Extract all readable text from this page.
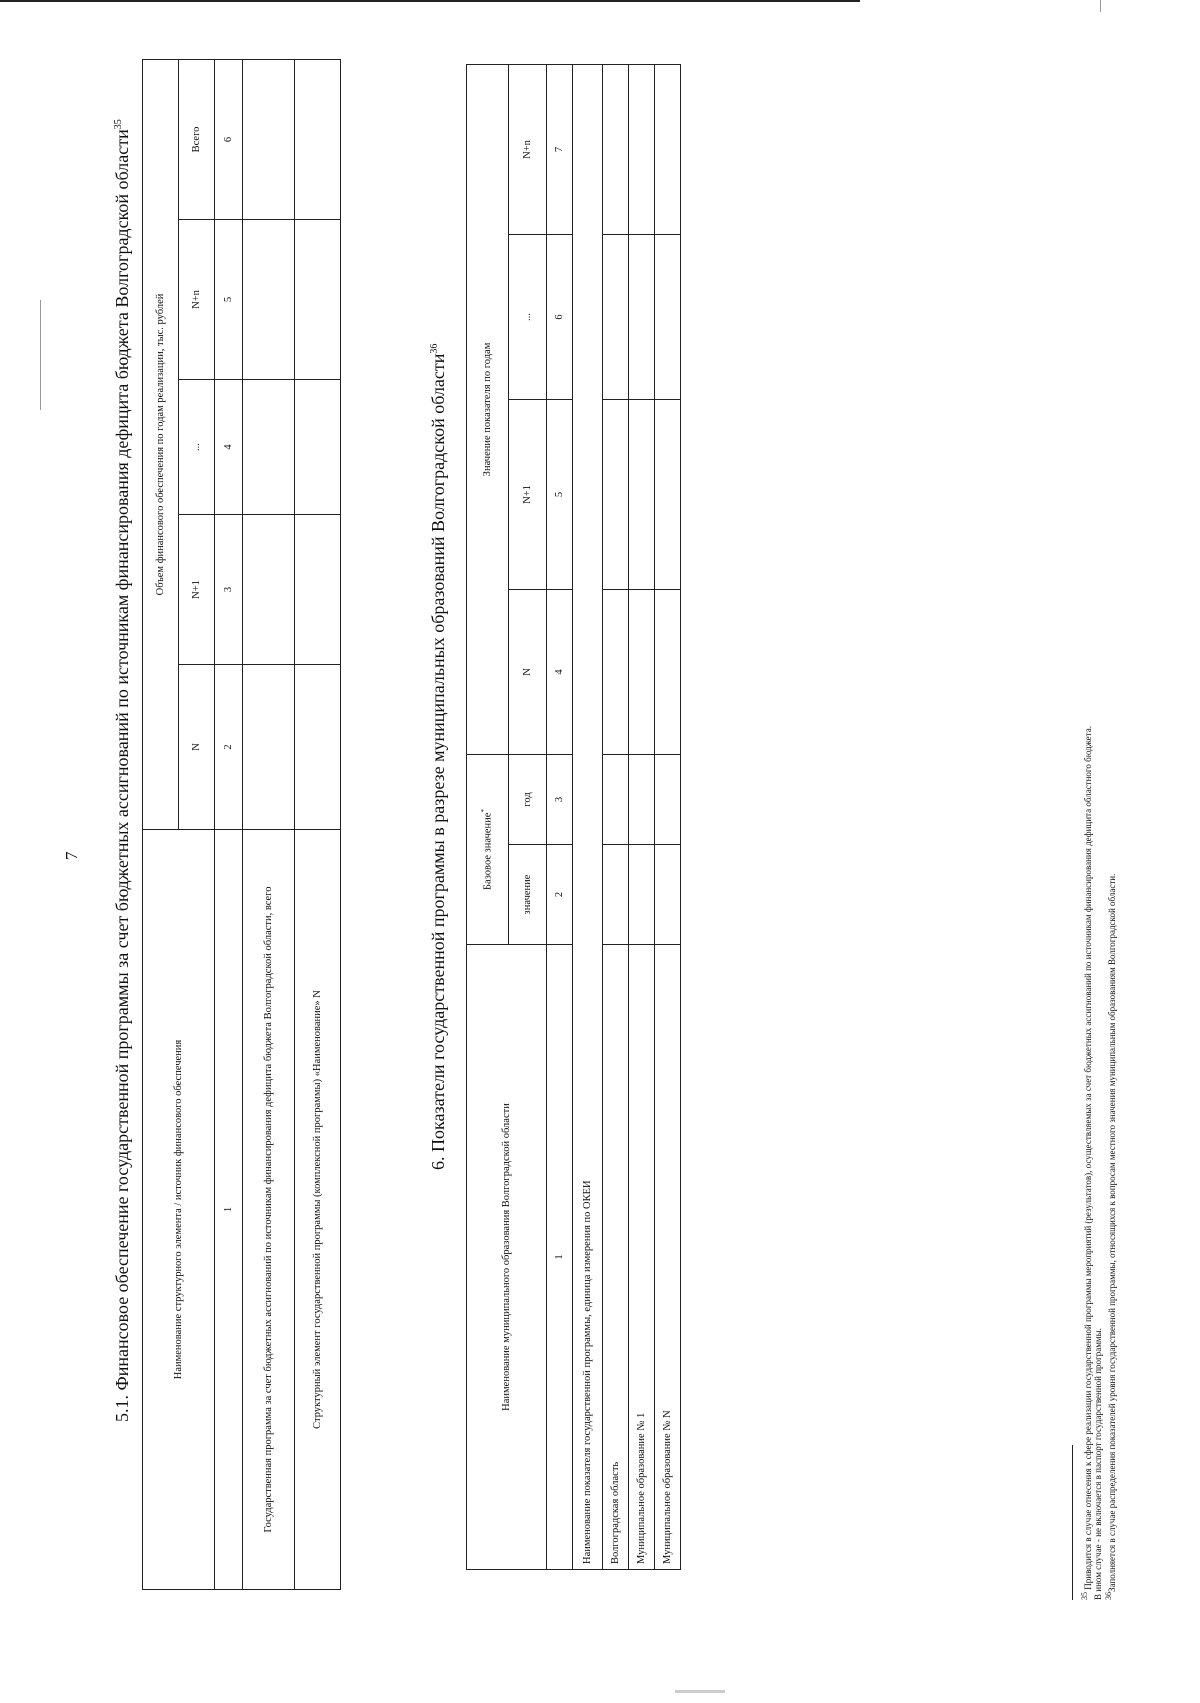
7 5.1. Финансовое обеспечение государственной программы за счет бюджетных ассигнований по источникам финансирования дефицита бюджета Волгоградской области$^{35}$
Наименование структурного элемента / источник финансового обеспечения	Объем финансового обеспечения по годам реализации, тыс. рублей				
	N	N+1	...	N+n	Всего
1	2	3	4	5	6
Государственная программа за счет бюджетных ассигнований по источникам финансирования дефицита бюджета Волгоградской области, всего					
Структурный элемент государственной программы (комплексной программы) «Наименование» N					
6. Показатели государственной программы в разрезе муниципальных образований Волгоградской области$^{36}$
Наименование муниципального образования Волгоградской области	Базовое значение*		Значение показателя по годам			
	значение	год	N	N+1	...	N+n
1	2	3	4	5	6	7
Наименование показателя государственной программы, единица измерения по ОКЕИ						
Волгоградская область						
Муниципальное образование № 1						
Муниципальное образование № N						
$^{35}$ Приводится в случае отнесения к сфере реализации государственной программы мероприятий (результатов), осуществляемых за счет бюджетных ассигнований по источникам финансирования дефицита областного бюджета. В ином случае - не включается в паспорт государственной программы. $^{36}$Заполняется в случае распределения показателей уровня государственной программы, относящихся к вопросам местного значения муниципальным образованиям Волгоградской области.
